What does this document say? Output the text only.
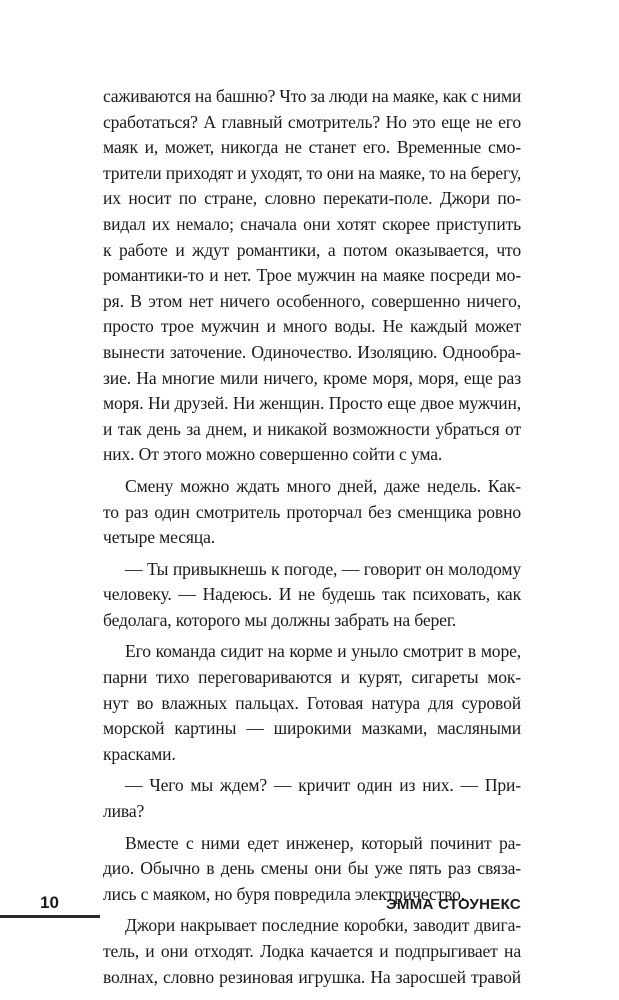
саживаются на башню? Что за люди на маяке, как с ними
сработаться? А главный смотритель? Но это еще не его
маяк и, может, никогда не станет его. Временные смо-
трители приходят и уходят, то они на маяке, то на берегу,
их носит по стране, словно перекати-поле. Джори по-
видал их немало; сначала они хотят скорее приступить
к работе и ждут романтики, а потом оказывается, что
романтики-то и нет. Трое мужчин на маяке посреди мо-
ря. В этом нет ничего особенного, совершенно ничего,
просто трое мужчин и много воды. Не каждый может
вынести заточение. Одиночество. Изоляцию. Однообра-
зие. На многие мили ничего, кроме моря, моря, еще раз
моря. Ни друзей. Ни женщин. Просто еще двое мужчин,
и так день за днем, и никакой возможности убраться от
них. От этого можно совершенно сойти с ума.
Смену можно ждать много дней, даже недель. Как-
то раз один смотритель проторчал без сменщика ровно
четыре месяца.
— Ты привыкнешь к погоде, — говорит он молодому
человеку. — Надеюсь. И не будешь так психовать, как
бедолага, которого мы должны забрать на берег.
Его команда сидит на корме и уныло смотрит в море,
парни тихо переговариваются и курят, сигареты мок-
нут во влажных пальцах. Готовая натура для суровой
морской картины — широкими мазками, масляными
красками.
— Чего мы ждем? — кричит один из них. — При-
лива?
Вместе с ними едет инженер, который починит ра-
дио. Обычно в день смены они бы уже пять раз связа-
лись с маяком, но буря повредила электричество.
Джори накрывает последние коробки, заводит двига-
тель, и они отходят. Лодка качается и подпрыгивает на
волнах, словно резиновая игрушка. На заросшей травой
10	ЭММА СТОУНЕКС
